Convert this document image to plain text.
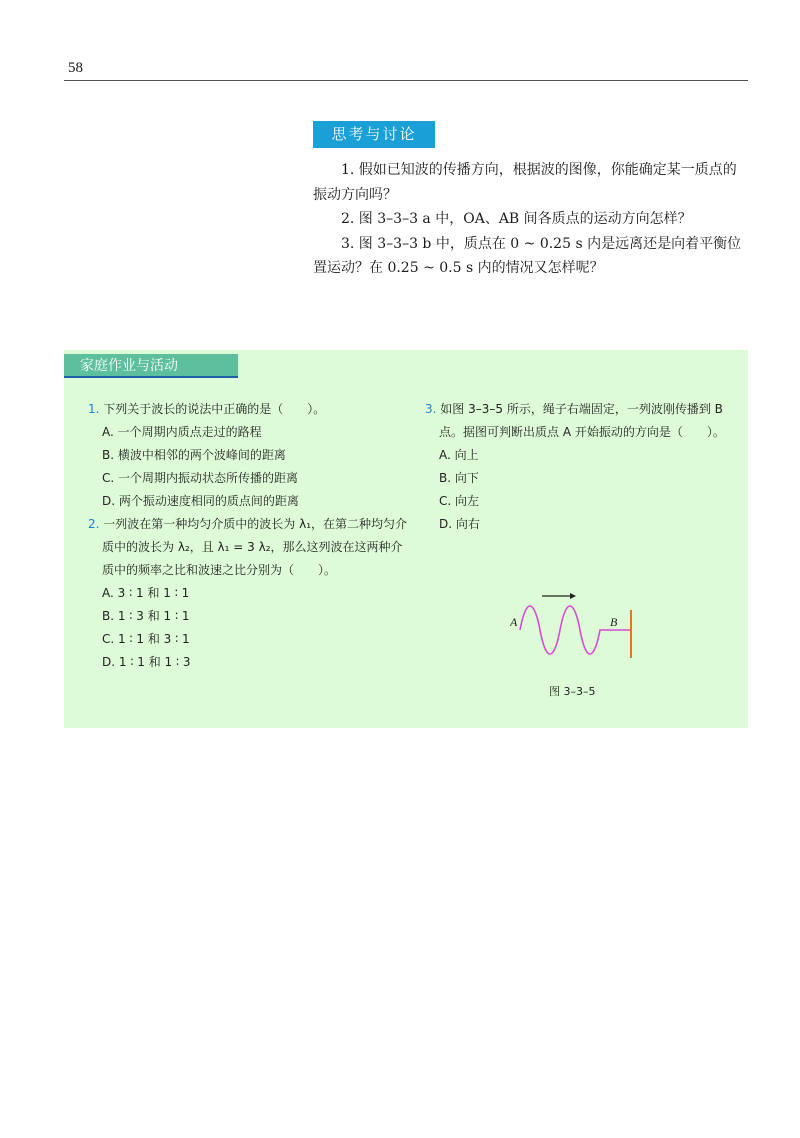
58
思考与讨论

1. 假如已知波的传播方向，根据波的图像，你能确定某一质点的振动方向吗？

2. 图 3–3–3 a 中，OA、AB 间各质点的运动方向怎样？

3. 图 3–3–3 b 中，质点在 0 ~ 0.25 s 内是远离还是向着平衡位置运动？在 0.25 ~ 0.5 s 内的情况又怎样呢？

家庭作业与活动

1. 下列关于波长的说法中正确的是（　　）。

A. 一个周期内质点走过的路程

B. 横波中相邻的两个波峰间的距离

C. 一个周期内振动状态所传播的距离

D. 两个振动速度相同的质点间的距离

2. 一列波在第一种均匀介质中的波长为 λ₁，在第二种均匀介质中的波长为 λ₂，且 λ₁ = 3 λ₂，那么这列波在这两种介质中的频率之比和波速之比分别为（　　）。

A. 3 ∶ 1 和 1 ∶ 1

B. 1 ∶ 3 和 1 ∶ 1

C. 1 ∶ 1 和 3 ∶ 1

D. 1 ∶ 1 和 1 ∶ 3

3. 如图 3–3–5 所示，绳子右端固定，一列波刚传播到 B 点。据图可判断出质点 A 开始振动的方向是（　　）。

A. 向上

B. 向下

C. 向左

D. 向右

A	B
图 3–3–5
